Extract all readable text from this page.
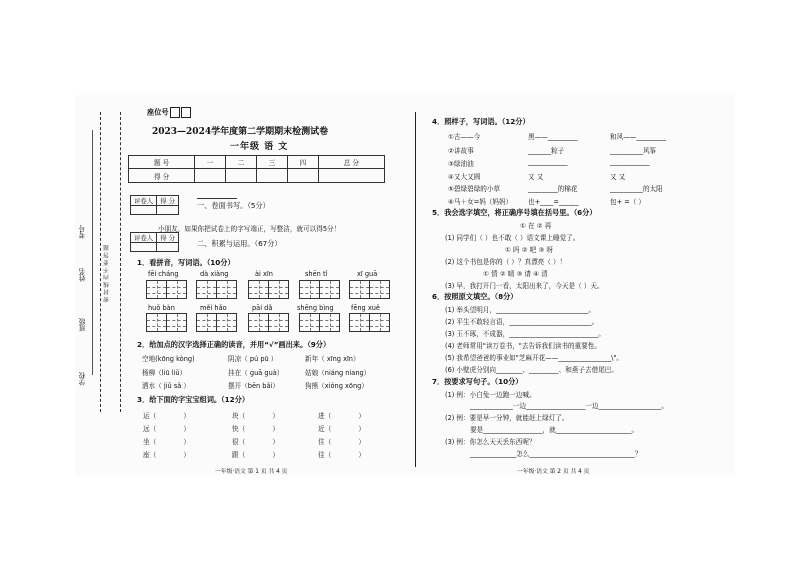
学校
班级
姓名
考号
密 封 线 内 不 要 答 题
座位号
2023—2024学年度第二学期期末检测试卷
一年级 语 文
题 号	一	二	三	四	总 分
得 分					
评卷人	得 分
		一、卷面书写。（5分）
小朋友，如果你把试卷上的字写端正，写整洁，就可以得5分！
评卷人	得 分

二、积累与运用。（67分）
1．看拼音，写词语。（10分）
fēi chánɡ	dà xiànɡ	ài xīn	shēn tǐ	xī ɡuā
huǒ bàn	měi hǎo	pāi dǎ	shēnɡ bìnɡ	fēnɡ xuě
2．给加点的汉字选择正确的读音，并用“√”画出来。（9分）
空地(kōnɡ kònɡ)	阴凉（ pú pū ）	新年（ xīnɡ xīn）
杨柳（liū liǔ）	挂在（ ɡuā ɡuà）	姑娘（niánɡ nianɡ）
洒水（ jiǔ sǎ ）	摆开（bēn bǎi）	狗熊（xiónɡ xōnɡ）
3．给下面的字宝宝组词。（12分）
运（             ）	块（             ）	进（             ）
远（             ）	快（             ）	近（             ）
坐（             ）	很（             ）	住（             ）
座（             ）	跟（             ）	往（             ）
一年级·语文 第 1 页 共 4 页
4．照样子，写词语。（12分）
①古——今	黑——_________	和风——_________
②讲故事	_______粽子	__________风筝
③绿油油	____________	____________
④又大又圆	又 又	又 又
⑤碧绿碧绿的小草	_________的棉花	__________的太阳
⑥马＋女=妈（妈妈） 也+____=______	包+ =（ ）
5．我会选字填空，将正确序号填在括号里。（6分）
① 在 ② 再
(1) 同学们（ ）也不敢（ ）语文课上睡觉了。
① 吗 ② 吧 ③ 呀
(2) 这个书包是你的（ ）？真漂亮（ ）！
① 情 ② 晴 ③ 请 ④ 清
(3) 早，我打开门一看，太阳出来了，今天是（ ）天。
6．按照原文填空。（8分）
(1) 举头望明月，____________________________。
(2) 平生不敢轻言语，_________________________。
(3) 玉不琢，不成器，___________________________。
(4) 老师常用"读万卷书，"去告诉我们读书的重要性。
(5) 我希望爸爸的事业如"芝麻开花——________________\"。
(6) 小壁虎分别向________、_________、和燕子去借尾巴。
7．按要求写句子。（10分）
(1) 例：小白兔一边跑一边喊。
_____________一边__________________一边___________________。
(2) 例：要是早一分钟，就能赶上绿灯了。
要是__________________，就_______________________。
(3) 例：你怎么天天丢东西呢？
______________怎么________________________________？
一年级·语文 第 2 页 共 4 页
